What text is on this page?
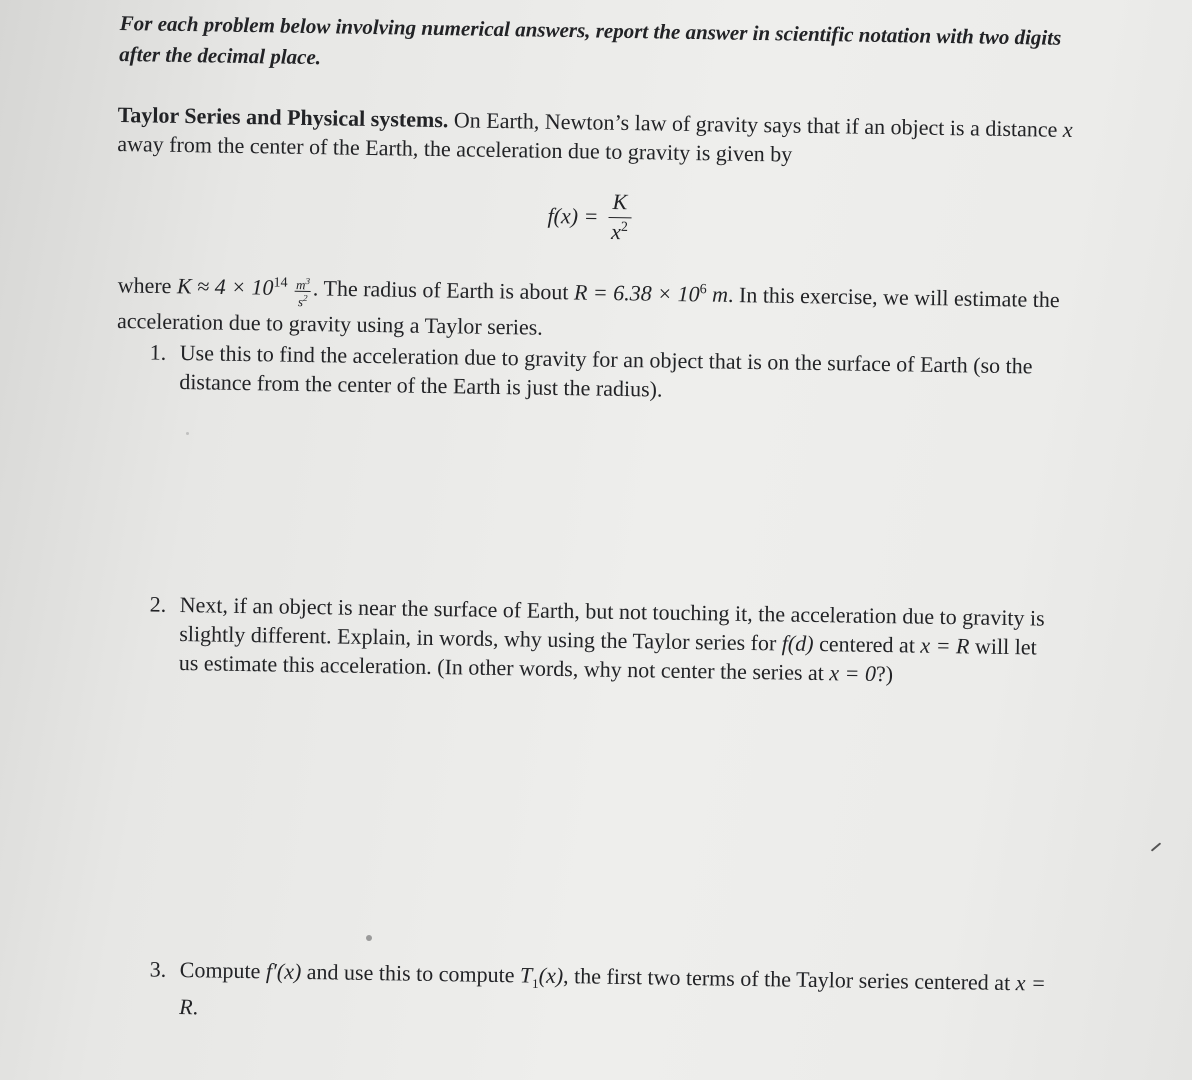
For each problem below involving numerical answers, report the answer in scientific notation with two digits after the decimal place.
Taylor Series and Physical systems. On Earth, Newton’s law of gravity says that if an object is a distance x away from the center of the Earth, the acceleration due to gravity is given by
$f(x) = \frac{K}{x^2}$
where $K \approx 4 \times 10^{14} \frac{m^3}{s^2}$ . The radius of Earth is about $R = 6.38 \times 10^6$ m. In this exercise, we will estimate the acceleration due to gravity using a Taylor series.
1. Use this to find the acceleration due to gravity for an object that is on the surface of Earth (so the distance from the center of the Earth is just the radius).
2. Next, if an object is near the surface of Earth, but not touching it, the acceleration due to gravity is slightly different. Explain, in words, why using the Taylor series for f(d) centered at x = R will let us estimate this acceleration. (In other words, why not center the series at x = 0?)
3. Compute f′(x) and use this to compute $T_1(x)$, the first two terms of the Taylor series centered at x = R.
